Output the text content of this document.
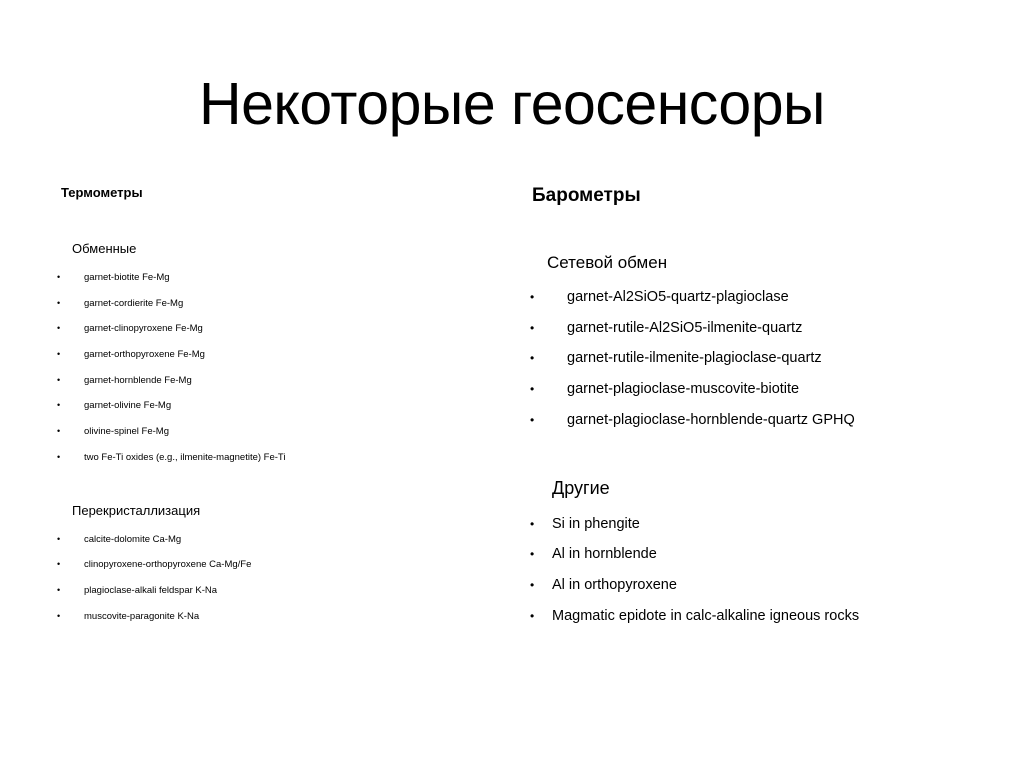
Некоторые геосенсоры
Термометры
Обменные
•	garnet-biotite Fe-Mg
•	garnet-cordierite Fe-Mg
•	garnet-clinopyroxene Fe-Mg
•	garnet-orthopyroxene Fe-Mg
•	garnet-hornblende Fe-Mg
•	garnet-olivine Fe-Mg
•	olivine-spinel Fe-Mg
•	two Fe-Ti oxides (e.g., ilmenite-magnetite) Fe-Ti
Перекристаллизация
•	calcite-dolomite Ca-Mg
•	clinopyroxene-orthopyroxene Ca-Mg/Fe
•	plagioclase-alkali feldspar K-Na
•	muscovite-paragonite K-Na
Барометры
Сетевой обмен
• garnet-Al2SiO5-quartz-plagioclase
• garnet-rutile-Al2SiO5-ilmenite-quartz
• garnet-rutile-ilmenite-plagioclase-quartz
• garnet-plagioclase-muscovite-biotite
• garnet-plagioclase-hornblende-quartz GPHQ
Другие
• Si in phengite
• Al in hornblende
• Al in orthopyroxene
• Magmatic epidote in calc-alkaline igneous rocks
